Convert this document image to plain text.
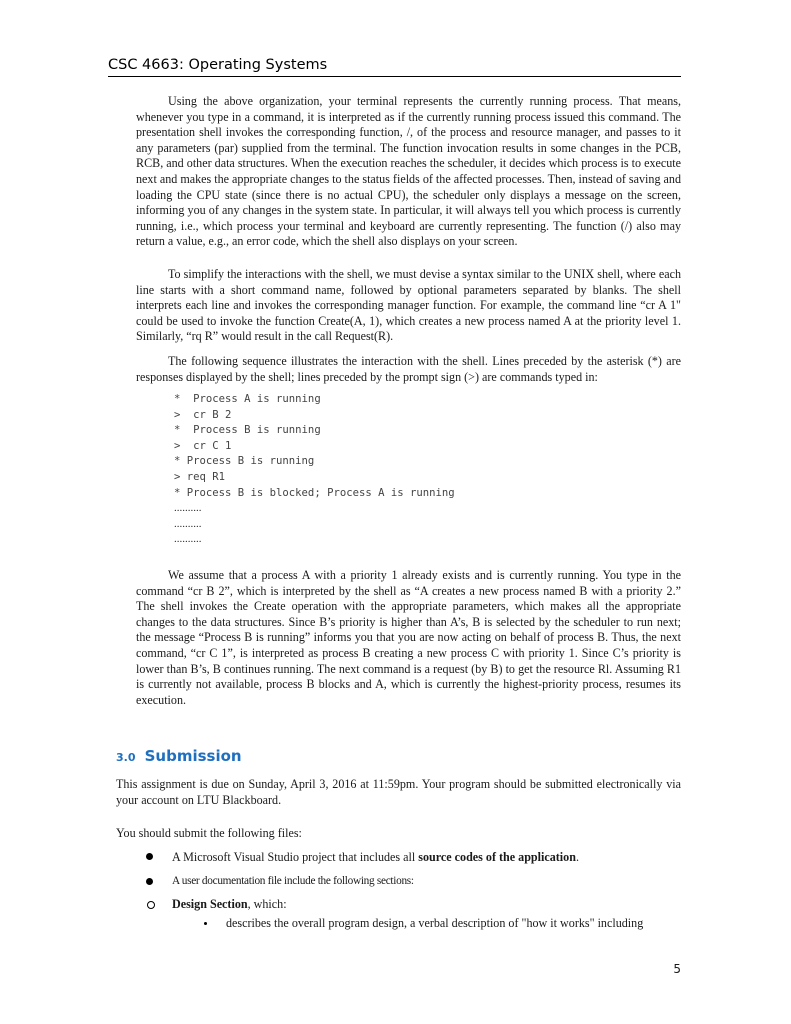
CSC 4663: Operating Systems

Using the above organization, your terminal represents the currently running process. That means, whenever you type in a command, it is interpreted as if the currently running process issued this command. The presentation shell invokes the corresponding function, /, of the process and resource manager, and passes to it any parameters (par) supplied from the terminal. The function invocation results in some changes in the PCB, RCB, and other data structures. When the execution reaches the scheduler, it decides which process is to execute next and makes the appropriate changes to the status fields of the affected processes. Then, instead of saving and loading the CPU state (since there is no actual CPU), the scheduler only displays a message on the screen, informing you of any changes in the system state. In particular, it will always tell you which process is currently running, i.e., which process your terminal and keyboard are currently representing. The function (/) also may return a value, e.g., an error code, which the shell also displays on your screen.

To simplify the interactions with the shell, we must devise a syntax similar to the UNIX shell, where each line starts with a short command name, followed by optional parameters separated by blanks. The shell interprets each line and invokes the corresponding manager function. For example, the command line “cr A 1" could be used to invoke the function Create(A, 1), which creates a new process named A at the priority level 1. Similarly, “rq R” would result in the call Request(R).

The following sequence illustrates the interaction with the shell. Lines preceded by the asterisk (*) are responses displayed by the shell; lines preceded by the prompt sign (>) are commands typed in:

*  Process A is running
>  cr B 2
*  Process B is running
>  cr C 1
* Process B is running
> req R1
* Process B is blocked; Process A is running
..........
..........
..........

We assume that a process A with a priority 1 already exists and is currently running. You type in the command “cr B 2”, which is interpreted by the shell as “A creates a new process named B with a priority 2.” The shell invokes the Create operation with the appropriate parameters, which makes all the appropriate changes to the data structures. Since B’s priority is higher than A’s, B is selected by the scheduler to run next; the message “Process B is running” informs you that you are now acting on behalf of process B. Thus, the next command, “cr C 1”, is interpreted as process B creating a new process C with priority 1. Since C’s priority is lower than B’s, B continues running. The next command is a request (by B) to get the resource Rl. Assuming R1 is currently not available, process B blocks and A, which is currently the highest-priority process, resumes its execution.

3.0 Submission

This assignment is due on Sunday, April 3, 2016 at 11:59pm. Your program should be submitted electronically via your account on LTU Blackboard.

You should submit the following files:

A Microsoft Visual Studio project that includes all source codes of the application.
A user documentation file include the following sections:
Design Section, which:
describes the overall program design, a verbal description of "how it works" including
5
